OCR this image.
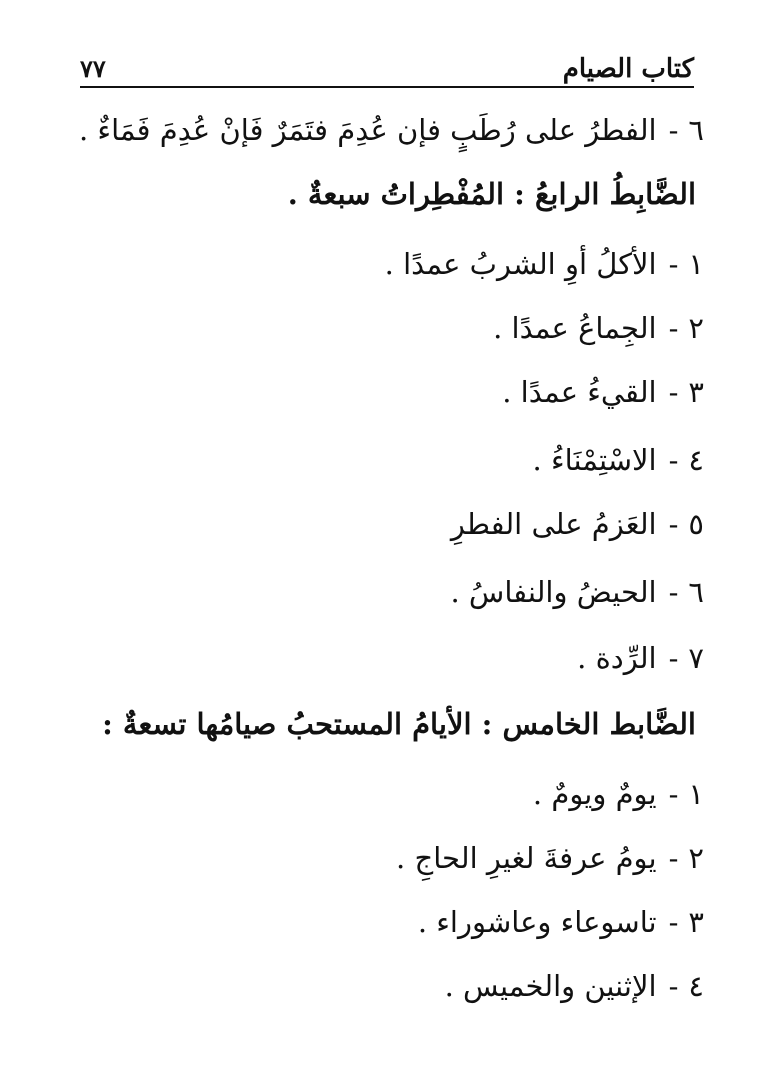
كتاب الصيام
٧٧
٦-الفطرُ على رُطَبٍ فإن عُدِمَ فتَمَرٌ فَإنْ عُدِمَ فَمَاءٌ .
الضَّابِطُ الرابعُ : المُفْطِراتُ سبعةٌ .
١-الأكلُ أوِ الشربُ عمدًا .
٢-الجِماعُ عمدًا .
٣-القيءُ عمدًا .
٤-الاسْتِمْنَاءُ .
٥-العَزمُ على الفطرِ
٦-الحيضُ والنفاسُ .
٧-الرِّدة .
الضَّابط الخامس : الأيامُ المستحبُ صيامُها تسعةٌ :
١-يومٌ ويومٌ .
٢-يومُ عرفةَ لغيرِ الحاجِ .
٣-تاسوعاء وعاشوراء .
٤-الإثنين والخميس .
